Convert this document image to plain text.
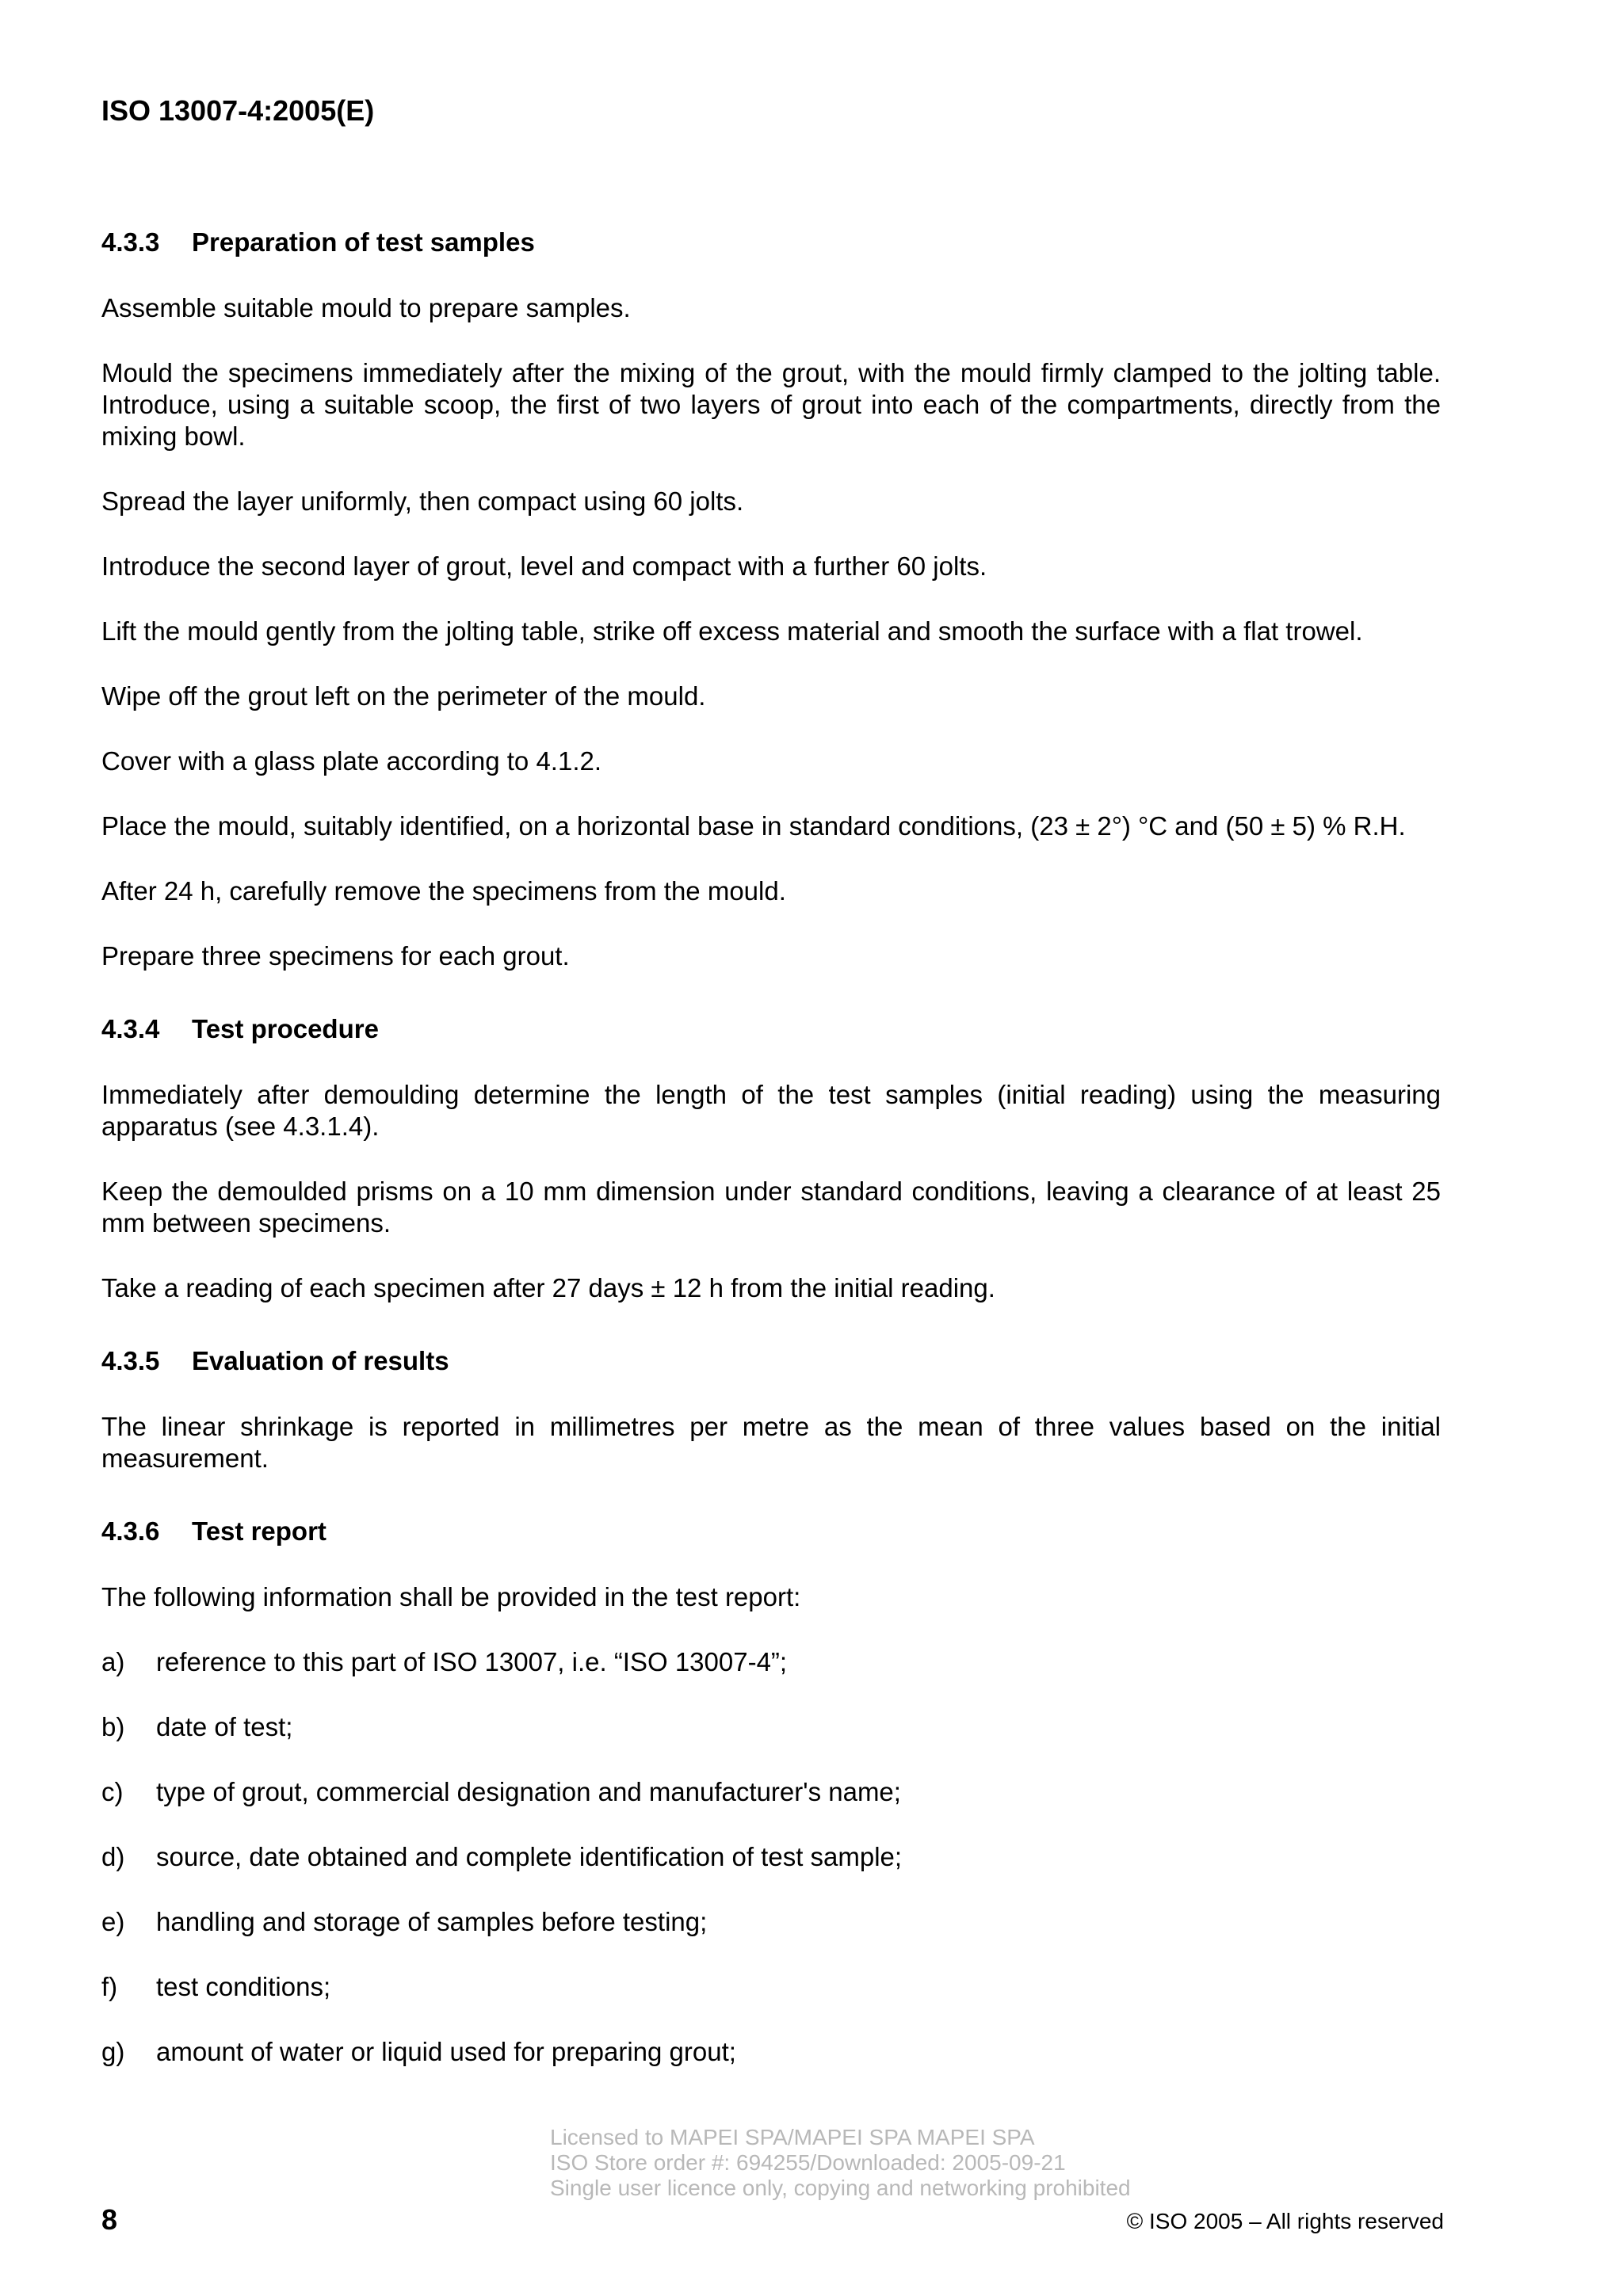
ISO 13007-4:2005(E)
4.3.3 Preparation of test samples

Assemble suitable mould to prepare samples.

Mould the specimens immediately after the mixing of the grout, with the mould firmly clamped to the jolting table. Introduce, using a suitable scoop, the first of two layers of grout into each of the compartments, directly from the mixing bowl.

Spread the layer uniformly, then compact using 60 jolts.

Introduce the second layer of grout, level and compact with a further 60 jolts.

Lift the mould gently from the jolting table, strike off excess material and smooth the surface with a flat trowel.

Wipe off the grout left on the perimeter of the mould.

Cover with a glass plate according to 4.1.2.

Place the mould, suitably identified, on a horizontal base in standard conditions, (23 ± 2°) °C and (50 ± 5) % R.H.

After 24 h, carefully remove the specimens from the mould.

Prepare three specimens for each grout.

4.3.4 Test procedure

Immediately after demoulding determine the length of the test samples (initial reading) using the measuring apparatus (see 4.3.1.4).

Keep the demoulded prisms on a 10 mm dimension under standard conditions, leaving a clearance of at least 25 mm between specimens.

Take a reading of each specimen after 27 days ± 12 h from the initial reading.

4.3.5 Evaluation of results

The linear shrinkage is reported in millimetres per metre as the mean of three values based on the initial measurement.

4.3.6 Test report

The following information shall be provided in the test report:

a)	reference to this part of ISO 13007, i.e. “ISO 13007-4”;
b)	date of test;
c)	type of grout, commercial designation and manufacturer's name;
d)	source, date obtained and complete identification of test sample;
e)	handling and storage of samples before testing;
f)	test conditions;
g)	amount of water or liquid used for preparing grout;
Licensed to MAPEI SPA/MAPEI SPA MAPEI SPA
ISO Store order #: 694255/Downloaded: 2005-09-21
Single user licence only, copying and networking prohibited
8	© ISO 2005 – All rights reserved
